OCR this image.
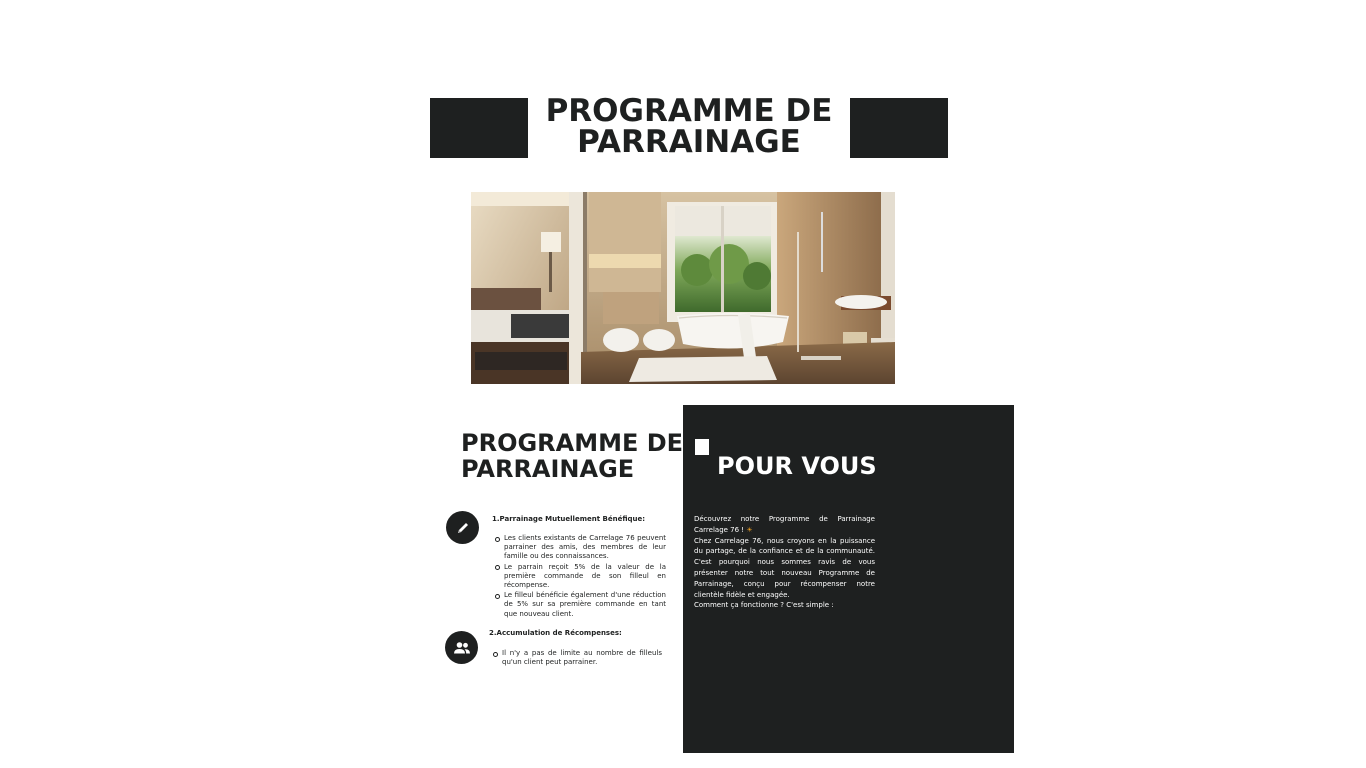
PROGRAMME DE
PARRAINAGE
PROGRAMME DE
PARRAINAGE

1.Parrainage Mutuellement Bénéfique:

Les clients existants de Carrelage 76 peuvent parrainer des amis, des membres de leur famille ou des connaissances.
Le parrain reçoit 5% de la valeur de la première commande de son filleul en récompense.
Le filleul bénéficie également d'une réduction de 5% sur sa première commande en tant que nouveau client.

2.Accumulation de Récompenses:

Il n'y a pas de limite au nombre de filleuls qu'un client peut parrainer.
POUR VOUS

Découvrez notre Programme de Parrainage Carrelage 76 ! ☀

Chez Carrelage 76, nous croyons en la puissance du partage, de la confiance et de la communauté. C'est pourquoi nous sommes ravis de vous présenter notre tout nouveau Programme de Parrainage, conçu pour récompenser notre clientèle fidèle et engagée.

Comment ça fonctionne ? C'est simple :
